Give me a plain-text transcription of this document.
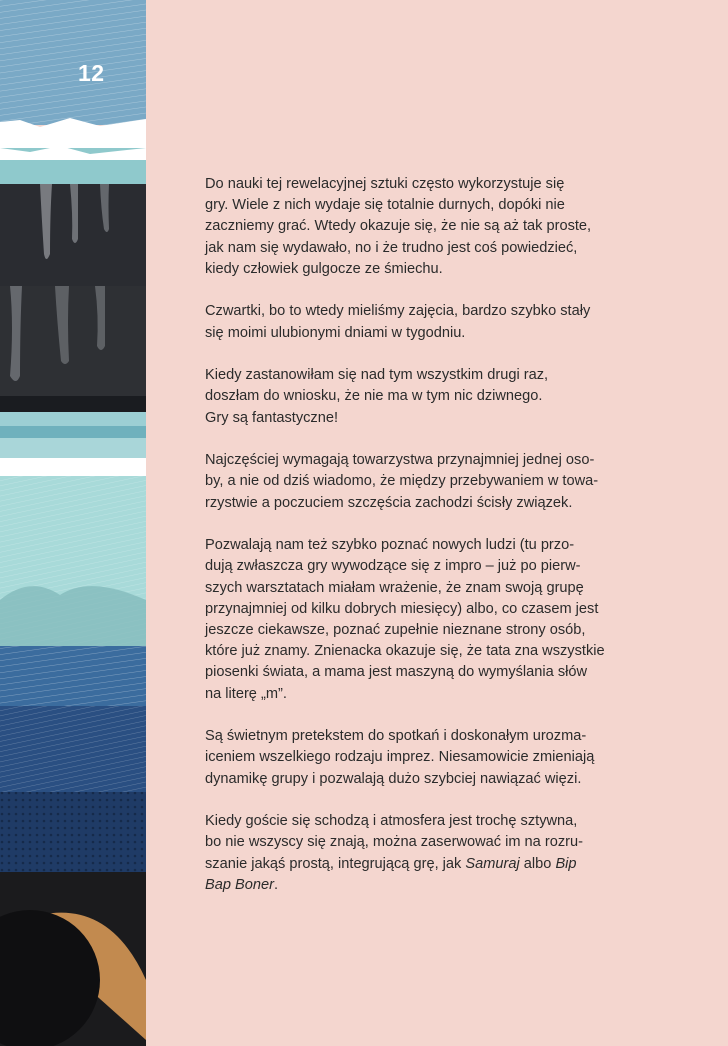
12

Do nauki tej rewelacyjnej sztuki często wykorzystuje się
gry. Wiele z nich wydaje się totalnie durnych, dopóki nie
zaczniemy grać. Wtedy okazuje się, że nie są aż tak proste,
jak nam się wydawało, no i że trudno jest coś powiedzieć,
kiedy człowiek gulgocze ze śmiechu.

Czwartki, bo to wtedy mieliśmy zajęcia, bardzo szybko stały
się moimi ulubionymi dniami w tygodniu.

Kiedy zastanowiłam się nad tym wszystkim drugi raz,
doszłam do wniosku, że nie ma w tym nic dziwnego.
Gry są fantastyczne!

Najczęściej wymagają towarzystwa przynajmniej jednej oso-
by, a nie od dziś wiadomo, że między przebywaniem w towa-
rzystwie a poczuciem szczęścia zachodzi ścisły związek.

Pozwalają nam też szybko poznać nowych ludzi (tu przo-
dują zwłaszcza gry wywodzące się z impro – już po pierw-
szych warsztatach miałam wrażenie, że znam swoją grupę
przynajmniej od kilku dobrych miesięcy) albo, co czasem jest
jeszcze ciekawsze, poznać zupełnie nieznane strony osób,
które już znamy. Znienacka okazuje się, że tata zna wszystkie
piosenki świata, a mama jest maszyną do wymyślania słów
na literę „m”.

Są świetnym pretekstem do spotkań i doskonałym urozma-
iceniem wszelkiego rodzaju imprez. Niesamowicie zmieniają
dynamikę grupy i pozwalają dużo szybciej nawiązać więzi.

Kiedy goście się schodzą i atmosfera jest trochę sztywna,
bo nie wszyscy się znają, można zaserwować im na rozru-
szanie jakąś prostą, integrującą grę, jak Samuraj albo Bip
Bap Boner.
